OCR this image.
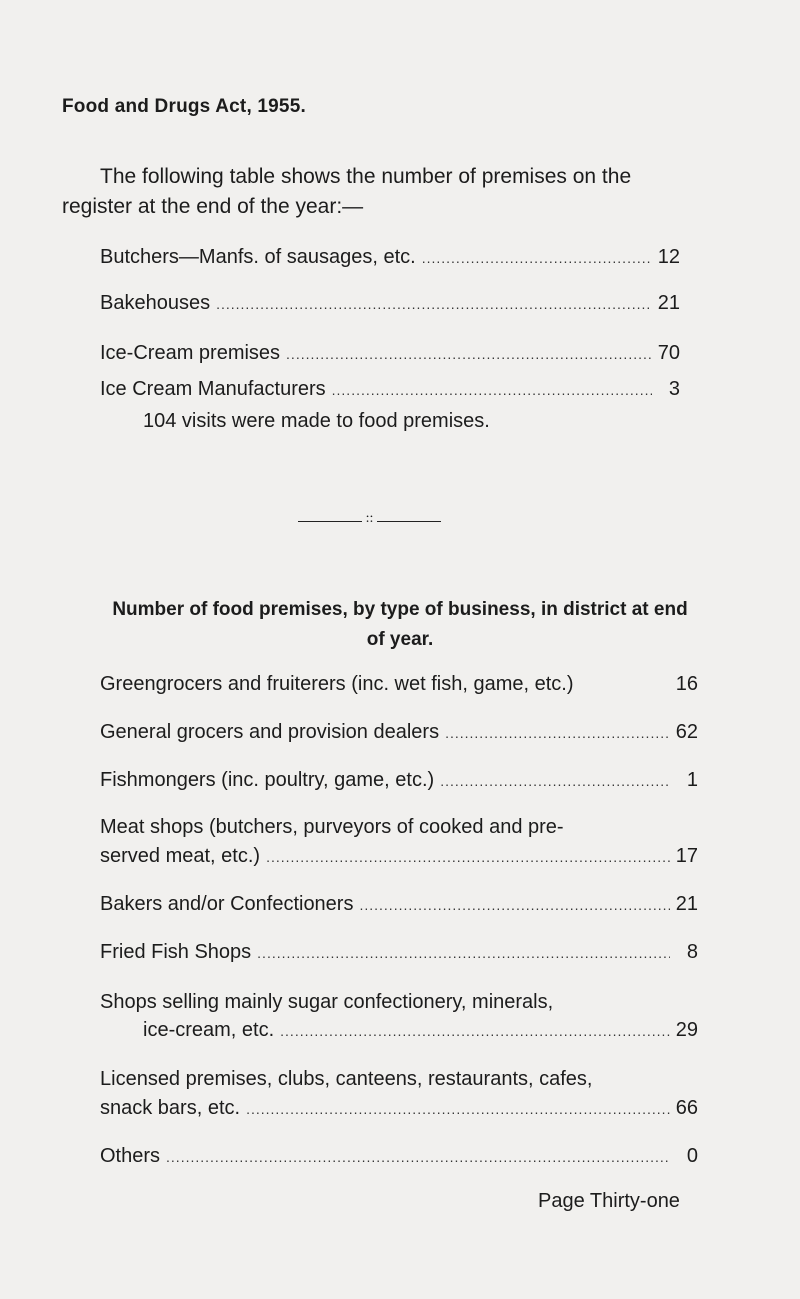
Food and Drugs Act, 1955.
The following table shows the number of premises on the
register at the end of the year:—
Butchers—Manfs. of sausages, etc. .....	12
Bakehouses .....	21
Ice-Cream premises .....	70
Ice Cream Manufacturers .....	3
104 visits were made to food premises.
::
Number of food premises, by type of business, in district at end
of year.
Greengrocers and fruiterers (inc. wet fish, game, etc.)	16
General grocers and provision dealers .....	62
Fishmongers (inc. poultry, game, etc.) .....	1
Meat shops (butchers, purveyors of cooked and pre-
served meat, etc.) .....	17
Bakers and/or Confectioners .....	21
Fried Fish Shops .....	8
Shops selling mainly sugar confectionery, minerals,
ice-cream, etc. .....	29
Licensed premises, clubs, canteens, restaurants, cafes,
snack bars, etc. .....	66
Others .....	0
Page Thirty-one
